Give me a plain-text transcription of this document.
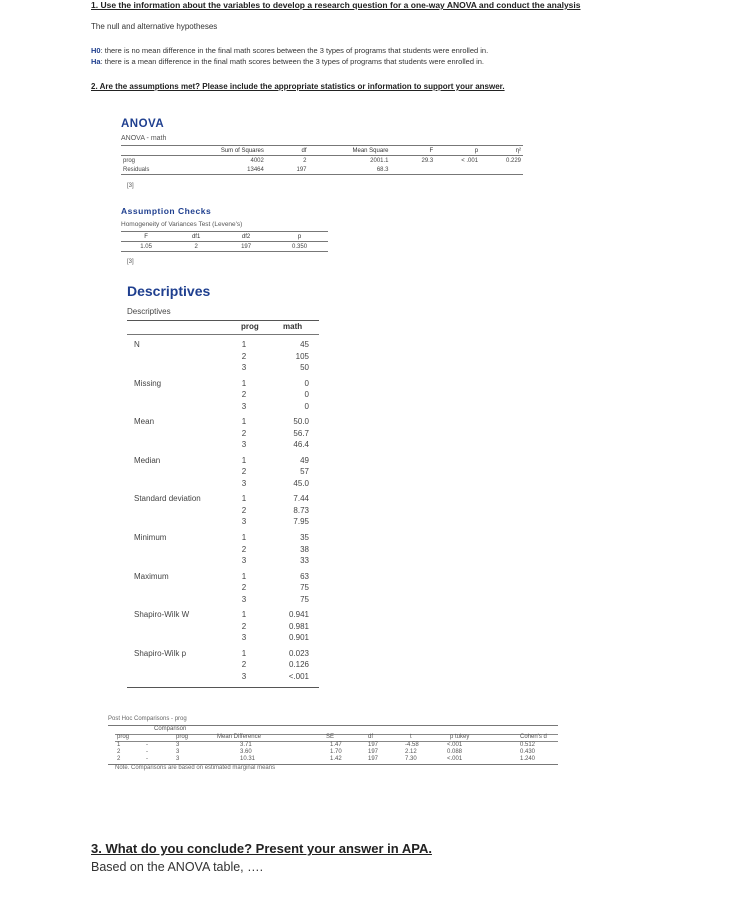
1. Use the information about the variables to develop a research question for a one-way ANOVA and conduct the analysis
The null and alternative hypotheses
H0: there is no mean difference in the final math scores between the 3 types of programs that students were enrolled in.
Ha: there is a mean difference in the final math scores between the 3 types of programs that students were enrolled in.
2. Are the assumptions met? Please include the appropriate statistics or information to support your answer.
ANOVA
ANOVA - math
	Sum of Squares	df	Mean Square	F	p	η²
prog	4002	2	2001.1	29.3	< .001	0.229
Residuals	13464	197	68.3			
[3]
Assumption Checks
Homogeneity of Variances Test (Levene's)
F	df1	df2	p
1.05	2	197	0.350
[3]
Descriptives
Descriptives
prog	math
N	1	45
2	105
3	50
Missing	1	0
2	0
3	0
Mean	1	50.0
2	56.7
3	46.4
Median	1	49
2	57
3	45.0
Standard deviation	1	7.44
2	8.73
3	7.95
Minimum	1	35
2	38
3	33
Maximum	1	63
2	75
3	75
Shapiro-Wilk W	1	0.941
2	0.981
3	0.901
Shapiro-Wilk p	1	0.023
2	0.126
3	<.001
Post Hoc Comparisons - prog
Comparison
prog	prog	Mean Difference	SE	df	t	p tukey	Cohen's d
1	-	3	3.71	1.47	197	-4.58	<.001	0.512
2	-	3	3.60	1.70	197	2.12	0.088	0.430
2	-	3	10.31	1.42	197	7.30	<.001	1.240
Note. Comparisons are based on estimated marginal means
3. What do you conclude? Present your answer in APA.
Based on the ANOVA table, ….
